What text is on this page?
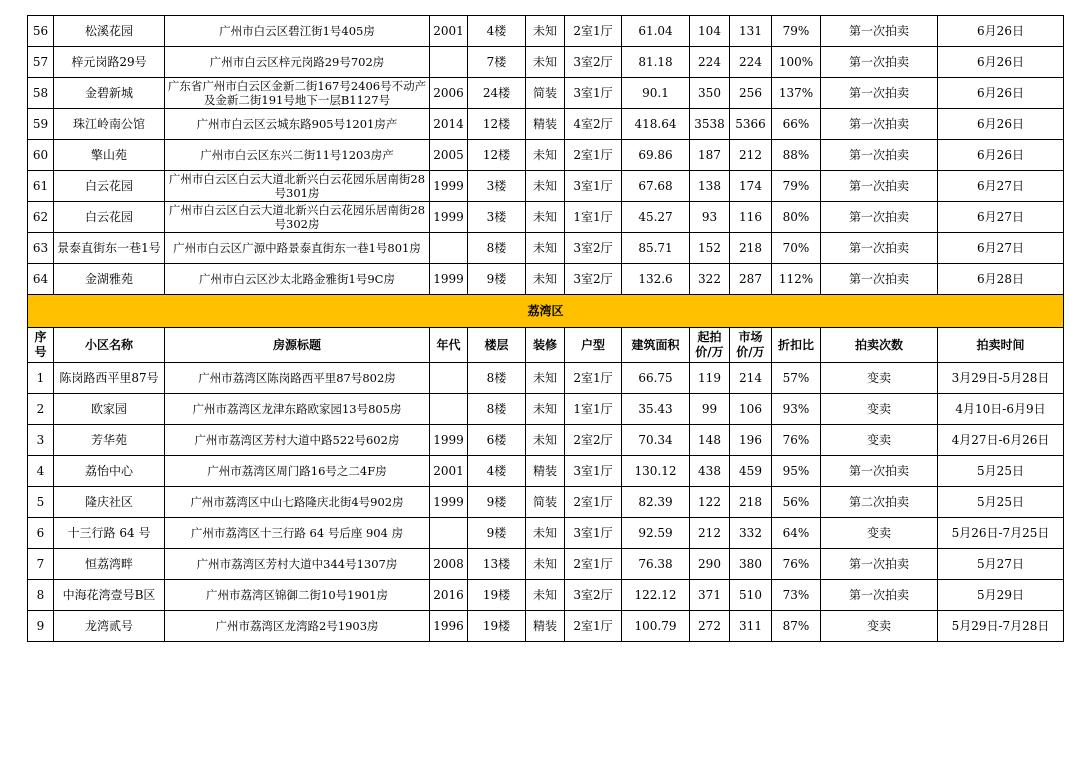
56	松溪花园	广州市白云区碧江街1号405房	2001	4楼	未知	2室1厅	61.04	104	131	79%	第一次拍卖	6月26日
57	梓元岗路29号	广州市白云区梓元岗路29号702房		7楼	未知	3室2厅	81.18	224	224	100%	第一次拍卖	6月26日
58	金碧新城	广东省广州市白云区金新二街167号2406号不动产及金新二街191号地下一层B1127号	2006	24楼	简装	3室1厅	90.1	350	256	137%	第一次拍卖	6月26日
59	珠江岭南公馆	广州市白云区云城东路905号1201房产	2014	12楼	精装	4室2厅	418.64	3538	5366	66%	第一次拍卖	6月26日
60	擎山苑	广州市白云区东兴二街11号1203房产	2005	12楼	未知	2室1厅	69.86	187	212	88%	第一次拍卖	6月26日
61	白云花园	广州市白云区白云大道北新兴白云花园乐居南街28号301房	1999	3楼	未知	3室1厅	67.68	138	174	79%	第一次拍卖	6月27日
62	白云花园	广州市白云区白云大道北新兴白云花园乐居南街28号302房	1999	3楼	未知	1室1厅	45.27	93	116	80%	第一次拍卖	6月27日
63	景泰直街东一巷1号	广州市白云区广源中路景泰直街东一巷1号801房		8楼	未知	3室2厅	85.71	152	218	70%	第一次拍卖	6月27日
64	金湖雅苑	广州市白云区沙太北路金雅街1号9C房	1999	9楼	未知	3室2厅	132.6	322	287	112%	第一次拍卖	6月28日
荔湾区												
序号	小区名称	房源标题	年代	楼层	装修	户型	建筑面积	起拍价/万	市场价/万	折扣比	拍卖次数	拍卖时间
1	陈岗路西平里87号	广州市荔湾区陈岗路西平里87号802房		8楼	未知	2室1厅	66.75	119	214	57%	变卖	3月29日-5月28日
2	欧家园	广州市荔湾区龙津东路欧家园13号805房		8楼	未知	1室1厅	35.43	99	106	93%	变卖	4月10日-6月9日
3	芳华苑	广州市荔湾区芳村大道中路522号602房	1999	6楼	未知	2室2厅	70.34	148	196	76%	变卖	4月27日-6月26日
4	荔怡中心	广州市荔湾区周门路16号之二4F房	2001	4楼	精装	3室1厅	130.12	438	459	95%	第一次拍卖	5月25日
5	隆庆社区	广州市荔湾区中山七路隆庆北街4号902房	1999	9楼	简装	2室1厅	82.39	122	218	56%	第二次拍卖	5月25日
6	十三行路 64 号	广州市荔湾区十三行路 64 号后座 904 房		9楼	未知	3室1厅	92.59	212	332	64%	变卖	5月26日-7月25日
7	恒荔湾畔	广州市荔湾区芳村大道中344号1307房	2008	13楼	未知	2室1厅	76.38	290	380	76%	第一次拍卖	5月27日
8	中海花湾壹号B区	广州市荔湾区锦御二街10号1901房	2016	19楼	未知	3室2厅	122.12	371	510	73%	第一次拍卖	5月29日
9	龙湾贰号	广州市荔湾区龙湾路2号1903房	1996	19楼	精装	2室1厅	100.79	272	311	87%	变卖	5月29日-7月28日
